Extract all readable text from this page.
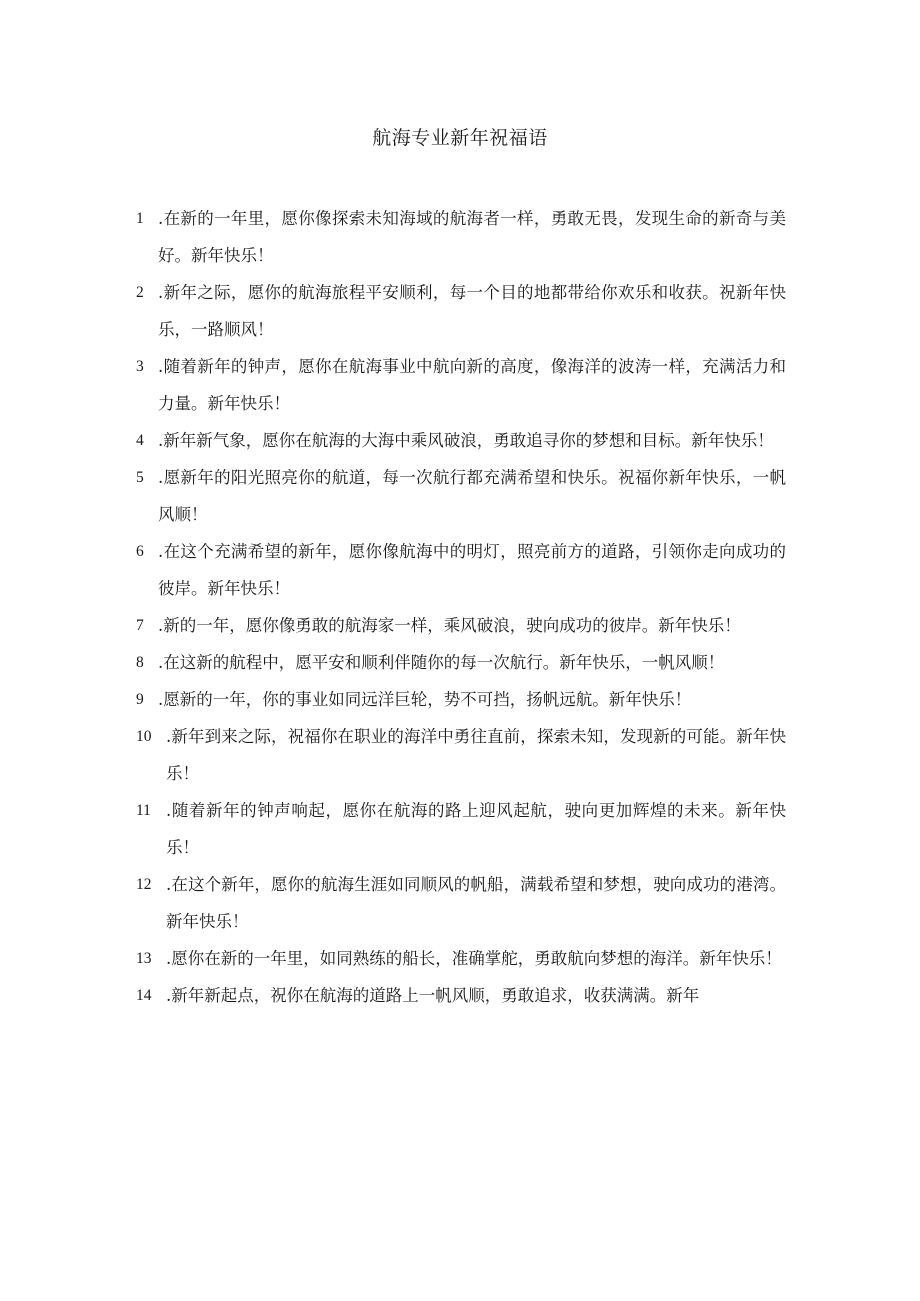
航海专业新年祝福语
1 .在新的一年里，愿你像探索未知海域的航海者一样，勇敢无畏，发现生命的新奇与美好。新年快乐！
2 .新年之际，愿你的航海旅程平安顺利，每一个目的地都带给你欢乐和收获。祝新年快乐，一路顺风！
3 .随着新年的钟声，愿你在航海事业中航向新的高度，像海洋的波涛一样，充满活力和力量。新年快乐！
4 .新年新气象，愿你在航海的大海中乘风破浪，勇敢追寻你的梦想和目标。新年快乐！
5 .愿新年的阳光照亮你的航道，每一次航行都充满希望和快乐。祝福你新年快乐，一帆风顺！
6 .在这个充满希望的新年，愿你像航海中的明灯，照亮前方的道路，引领你走向成功的彼岸。新年快乐！
7 .新的一年，愿你像勇敢的航海家一样，乘风破浪，驶向成功的彼岸。新年快乐！
8 .在这新的航程中，愿平安和顺利伴随你的每一次航行。新年快乐，一帆风顺！
9 .愿新的一年，你的事业如同远洋巨轮，势不可挡，扬帆远航。新年快乐！
10 .新年到来之际，祝福你在职业的海洋中勇往直前，探索未知，发现新的可能。新年快乐！
11 .随着新年的钟声响起，愿你在航海的路上迎风起航，驶向更加辉煌的未来。新年快乐！
12 .在这个新年，愿你的航海生涯如同顺风的帆船，满载希望和梦想，驶向成功的港湾。新年快乐！
13 .愿你在新的一年里，如同熟练的船长，准确掌舵，勇敢航向梦想的海洋。新年快乐！
14 .新年新起点，祝你在航海的道路上一帆风顺，勇敢追求，收获满满。新年
